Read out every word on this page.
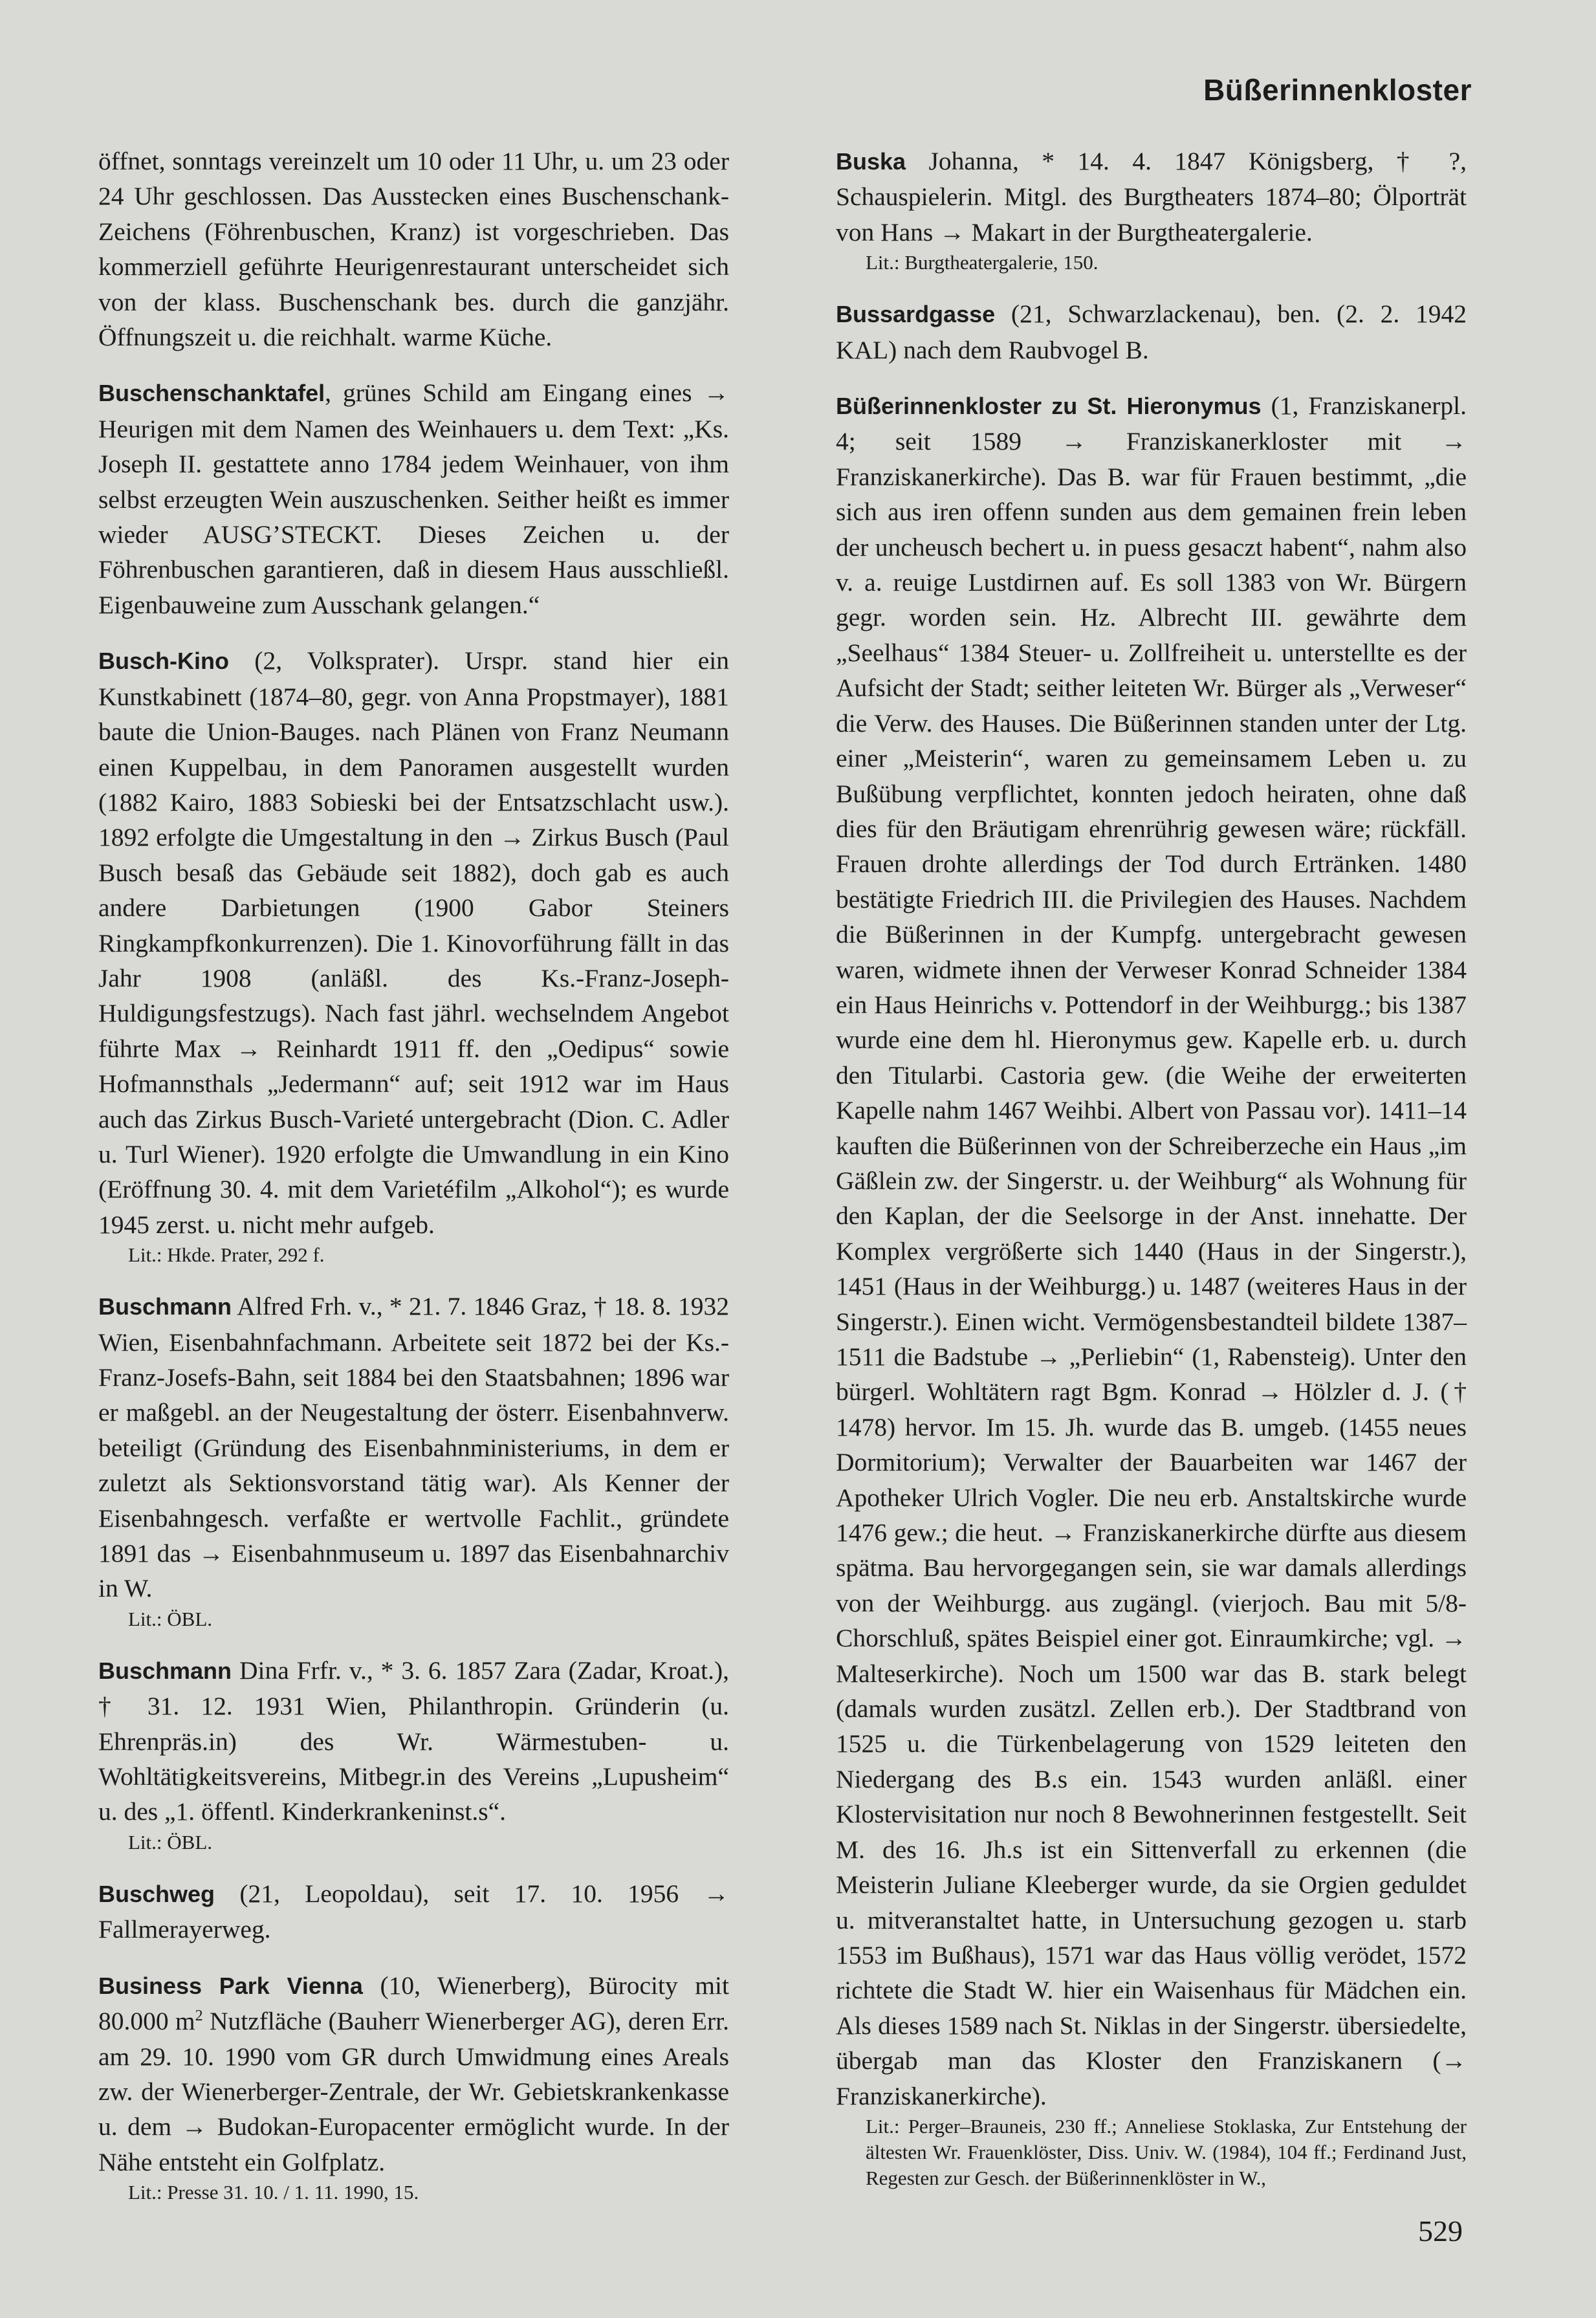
Büßerinnenkloster

öffnet, sonntags vereinzelt um 10 oder 11 Uhr, u. um 23 oder 24 Uhr geschlossen. Das Ausstecken eines Buschenschank-Zeichens (Föhrenbuschen, Kranz) ist vorgeschrieben. Das kommerziell geführte Heurigenrestaurant unterscheidet sich von der klass. Buschenschank bes. durch die ganzjähr. Öffnungszeit u. die reichhalt. warme Küche.

Buschenschanktafel, grünes Schild am Eingang eines → Heurigen mit dem Namen des Weinhauers u. dem Text: „Ks. Joseph II. gestattete anno 1784 jedem Weinhauer, von ihm selbst erzeugten Wein auszuschenken. Seither heißt es immer wieder AUSG’STECKT. Dieses Zeichen u. der Föhrenbuschen garantieren, daß in diesem Haus ausschließl. Eigenbauweine zum Ausschank gelangen.“

Busch-Kino (2, Volksprater). Urspr. stand hier ein Kunstkabinett (1874–80, gegr. von Anna Propstmayer), 1881 baute die Union-Bauges. nach Plänen von Franz Neumann einen Kuppelbau, in dem Panoramen ausgestellt wurden (1882 Kairo, 1883 Sobieski bei der Entsatzschlacht usw.). 1892 erfolgte die Umgestaltung in den → Zirkus Busch (Paul Busch besaß das Gebäude seit 1882), doch gab es auch andere Darbietungen (1900 Gabor Steiners Ringkampfkonkurrenzen). Die 1. Kinovorführung fällt in das Jahr 1908 (anläßl. des Ks.-Franz-Joseph-Huldigungsfestzugs). Nach fast jährl. wechselndem Angebot führte Max → Reinhardt 1911 ff. den „Oedipus“ sowie Hofmannsthals „Jedermann“ auf; seit 1912 war im Haus auch das Zirkus Busch-Varieté untergebracht (Dion. C. Adler u. Turl Wiener). 1920 erfolgte die Umwandlung in ein Kino (Eröffnung 30. 4. mit dem Varietéfilm „Alkohol“); es wurde 1945 zerst. u. nicht mehr aufgeb.

Lit.: Hkde. Prater, 292 f.

Buschmann Alfred Frh. v., * 21. 7. 1846 Graz, † 18. 8. 1932 Wien, Eisenbahnfachmann. Arbeitete seit 1872 bei der Ks.-Franz-Josefs-Bahn, seit 1884 bei den Staatsbahnen; 1896 war er maßgebl. an der Neugestaltung der österr. Eisenbahnverw. beteiligt (Gründung des Eisenbahnministeriums, in dem er zuletzt als Sektionsvorstand tätig war). Als Kenner der Eisenbahngesch. verfaßte er wertvolle Fachlit., gründete 1891 das → Eisenbahnmuseum u. 1897 das Eisenbahnarchiv in W.

Lit.: ÖBL.

Buschmann Dina Frfr. v., * 3. 6. 1857 Zara (Zadar, Kroat.), † 31. 12. 1931 Wien, Philanthropin. Gründerin (u. Ehrenpräs.in) des Wr. Wärmestuben- u. Wohltätigkeitsvereins, Mitbegr.in des Vereins „Lupusheim“ u. des „1. öffentl. Kinderkrankeninst.s“.

Lit.: ÖBL.

Buschweg (21, Leopoldau), seit 17. 10. 1956 → Fallmerayerweg.

Business Park Vienna (10, Wienerberg), Bürocity mit 80.000 $m^2$ Nutzfläche (Bauherr Wienerberger AG), deren Err. am 29. 10. 1990 vom GR durch Umwidmung eines Areals zw. der Wienerberger-Zentrale, der Wr. Gebietskrankenkasse u. dem → Budokan-Europacenter ermöglicht wurde. In der Nähe entsteht ein Golfplatz.

Lit.: Presse 31. 10. / 1. 11. 1990, 15.

Buska Johanna, * 14. 4. 1847 Königsberg, † ?, Schauspielerin. Mitgl. des Burgtheaters 1874–80; Ölporträt von Hans → Makart in der Burgtheatergalerie.

Lit.: Burgtheatergalerie, 150.

Bussardgasse (21, Schwarzlackenau), ben. (2. 2. 1942 KAL) nach dem Raubvogel B.

Büßerinnenkloster zu St. Hieronymus (1, Franziskanerpl. 4; seit 1589 → Franziskanerkloster mit → Franziskanerkirche). Das B. war für Frauen bestimmt, „die sich aus iren offenn sunden aus dem gemainen frein leben der uncheusch bechert u. in puess gesaczt habent“, nahm also v. a. reuige Lustdirnen auf. Es soll 1383 von Wr. Bürgern gegr. worden sein. Hz. Albrecht III. gewährte dem „Seelhaus“ 1384 Steuer- u. Zollfreiheit u. unterstellte es der Aufsicht der Stadt; seither leiteten Wr. Bürger als „Verweser“ die Verw. des Hauses. Die Büßerinnen standen unter der Ltg. einer „Meisterin“, waren zu gemeinsamem Leben u. zu Bußübung verpflichtet, konnten jedoch heiraten, ohne daß dies für den Bräutigam ehrenrührig gewesen wäre; rückfäll. Frauen drohte allerdings der Tod durch Ertränken. 1480 bestätigte Friedrich III. die Privilegien des Hauses. Nachdem die Büßerinnen in der Kumpfg. untergebracht gewesen waren, widmete ihnen der Verweser Konrad Schneider 1384 ein Haus Heinrichs v. Pottendorf in der Weihburgg.; bis 1387 wurde eine dem hl. Hieronymus gew. Kapelle erb. u. durch den Titularbi. Castoria gew. (die Weihe der erweiterten Kapelle nahm 1467 Weihbi. Albert von Passau vor). 1411–14 kauften die Büßerinnen von der Schreiberzeche ein Haus „im Gäßlein zw. der Singerstr. u. der Weihburg“ als Wohnung für den Kaplan, der die Seelsorge in der Anst. innehatte. Der Komplex vergrößerte sich 1440 (Haus in der Singerstr.), 1451 (Haus in der Weihburgg.) u. 1487 (weiteres Haus in der Singerstr.). Einen wicht. Vermögensbestandteil bildete 1387–1511 die Badstube → „Perliebin“ (1, Rabensteig). Unter den bürgerl. Wohltätern ragt Bgm. Konrad → Hölzler d. J. († 1478) hervor. Im 15. Jh. wurde das B. umgeb. (1455 neues Dormitorium); Verwalter der Bauarbeiten war 1467 der Apotheker Ulrich Vogler. Die neu erb. Anstaltskirche wurde 1476 gew.; die heut. → Franziskanerkirche dürfte aus diesem spätma. Bau hervorgegangen sein, sie war damals allerdings von der Weihburgg. aus zugängl. (vierjoch. Bau mit 5/8-Chorschluß, spätes Beispiel einer got. Einraumkirche; vgl. → Malteserkirche). Noch um 1500 war das B. stark belegt (damals wurden zusätzl. Zellen erb.). Der Stadtbrand von 1525 u. die Türkenbelagerung von 1529 leiteten den Niedergang des B.s ein. 1543 wurden anläßl. einer Klostervisitation nur noch 8 Bewohnerinnen festgestellt. Seit M. des 16. Jh.s ist ein Sittenverfall zu erkennen (die Meisterin Juliane Kleeberger wurde, da sie Orgien geduldet u. mitveranstaltet hatte, in Untersuchung gezogen u. starb 1553 im Bußhaus), 1571 war das Haus völlig verödet, 1572 richtete die Stadt W. hier ein Waisenhaus für Mädchen ein. Als dieses 1589 nach St. Niklas in der Singerstr. übersiedelte, übergab man das Kloster den Franziskanern (→ Franziskanerkirche).

Lit.: Perger–Brauneis, 230 ff.; Anneliese Stoklaska, Zur Entstehung der ältesten Wr. Frauenklöster, Diss. Univ. W. (1984), 104 ff.; Ferdinand Just, Regesten zur Gesch. der Büßerinnenklöster in W.,

529
